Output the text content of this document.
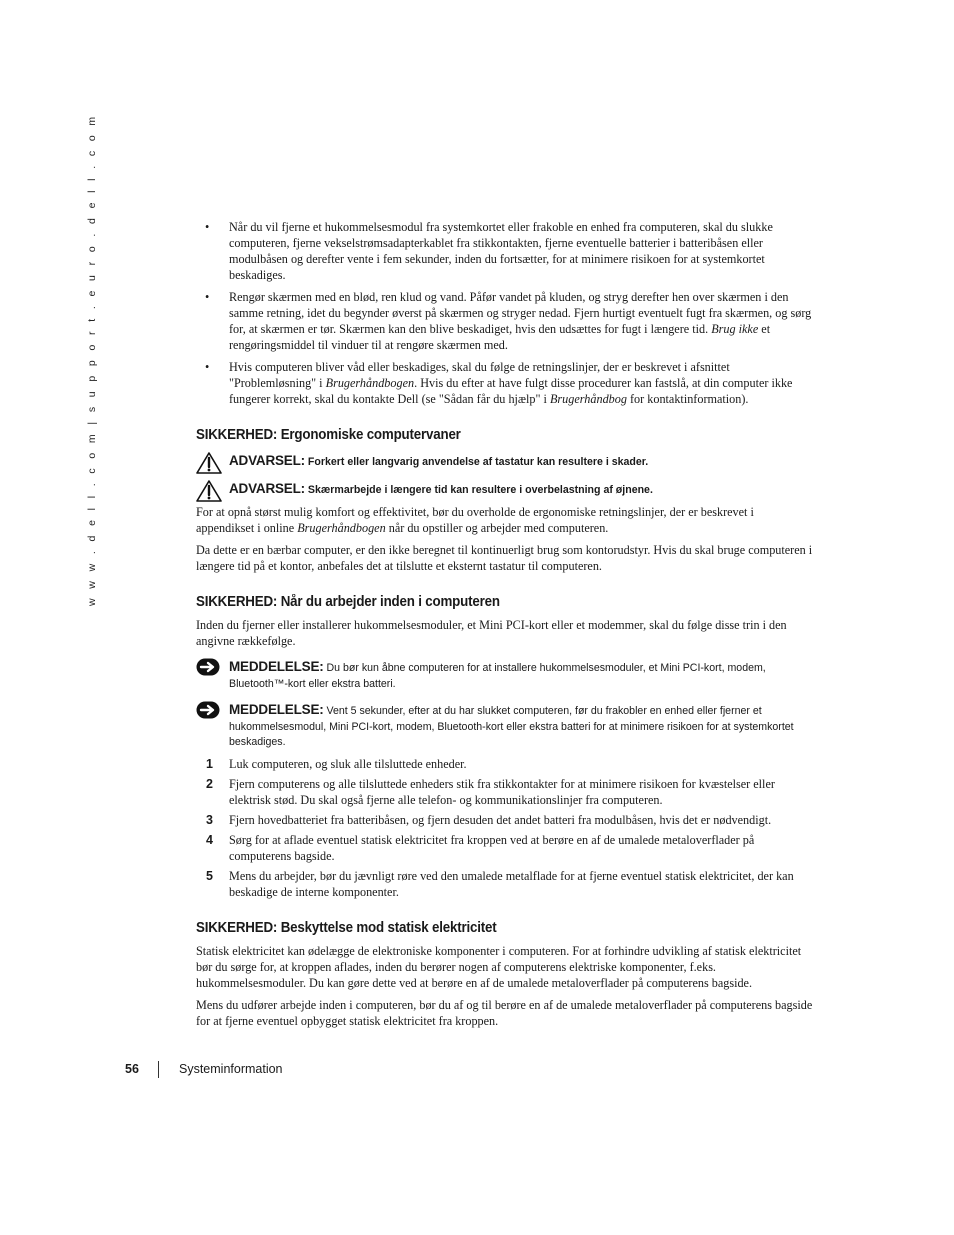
w w w . d e l l . c o m | s u p p o r t . e u r o . d e l l . c o m	• Når du vil fjerne et hukommelsesmodul fra systemkortet eller frakoble en enhed fra computeren, skal du slukke computeren, fjerne vekselstrømsadapterkablet fra stikkontakten, fjerne eventuelle batterier i batteribåsen eller modulbåsen og derefter vente i fem sekunder, inden du fortsætter, for at minimere risikoen for at systemkortet beskadiges.

• Rengør skærmen med en blød, ren klud og vand. Påfør vandet på kluden, og stryg derefter hen over skærmen i den samme retning, idet du begynder øverst på skærmen og stryger nedad. Fjern hurtigt eventuelt fugt fra skærmen, og sørg for, at skærmen er tør. Skærmen kan den blive beskadiget, hvis den udsættes for fugt i længere tid. Brug ikke et rengøringsmiddel til vinduer til at rengøre skærmen med.

• Hvis computeren bliver våd eller beskadiges, skal du følge de retningslinjer, der er beskrevet i afsnittet "Problemløsning" i Brugerhåndbogen. Hvis du efter at have fulgt disse procedurer kan fastslå, at din computer ikke fungerer korrekt, skal du kontakte Dell (se "Sådan får du hjælp" i Brugerhåndbog for kontaktinformation).

SIKKERHED: Ergonomiske computervaner
ADVARSEL: Forkert eller langvarig anvendelse af tastatur kan resultere i skader.
ADVARSEL: Skærmarbejde i længere tid kan resultere i overbelastning af øjnene.

For at opnå størst mulig komfort og effektivitet, bør du overholde de ergonomiske retningslinjer, der er beskrevet i appendikset i online Brugerhåndbogen når du opstiller og arbejder med computeren.

Da dette er en bærbar computer, er den ikke beregnet til kontinuerligt brug som kontorudstyr. Hvis du skal bruge computeren i længere tid på et kontor, anbefales det at tilslutte et eksternt tastatur til computeren.

SIKKERHED: Når du arbejder inden i computeren

Inden du fjerner eller installerer hukommelsesmoduler, et Mini PCI-kort eller et modemmer, skal du følge disse trin i den angivne rækkefølge.

MEDDELELSE: Du bør kun åbne computeren for at installere hukommelsesmoduler, et Mini PCI-kort, modem, Bluetooth™-kort eller ekstra batteri.
MEDDELELSE: Vent 5 sekunder, efter at du har slukket computeren, før du frakobler en enhed eller fjerner et hukommelsesmodul, Mini PCI-kort, modem, Bluetooth-kort eller ekstra batteri for at minimere risikoen for at systemkortet beskadiges.
1 Luk computeren, og sluk alle tilsluttede enheder.

2 Fjern computerens og alle tilsluttede enheders stik fra stikkontakter for at minimere risikoen for kvæstelser eller elektrisk stød. Du skal også fjerne alle telefon- og kommunikationslinjer fra computeren.

3 Fjern hovedbatteriet fra batteribåsen, og fjern desuden det andet batteri fra modulbåsen, hvis det er nødvendigt.

4 Sørg for at aflade eventuel statisk elektricitet fra kroppen ved at berøre en af de umalede metaloverflader på computerens bagside.

5 Mens du arbejder, bør du jævnligt røre ved den umalede metalflade for at fjerne eventuel statisk elektricitet, der kan beskadige de interne komponenter.

SIKKERHED: Beskyttelse mod statisk elektricitet

Statisk elektricitet kan ødelægge de elektroniske komponenter i computeren. For at forhindre udvikling af statisk elektricitet bør du sørge for, at kroppen aflades, inden du berører nogen af computerens elektriske komponenter, f.eks. hukommelsesmoduler. Du kan gøre dette ved at berøre en af de umalede metaloverflader på computerens bagside.

Mens du udfører arbejde inden i computeren, bør du af og til berøre en af de umalede metaloverflader på computerens bagside for at fjerne eventuel opbygget statisk elektricitet fra kroppen.

56	Systeminformation
